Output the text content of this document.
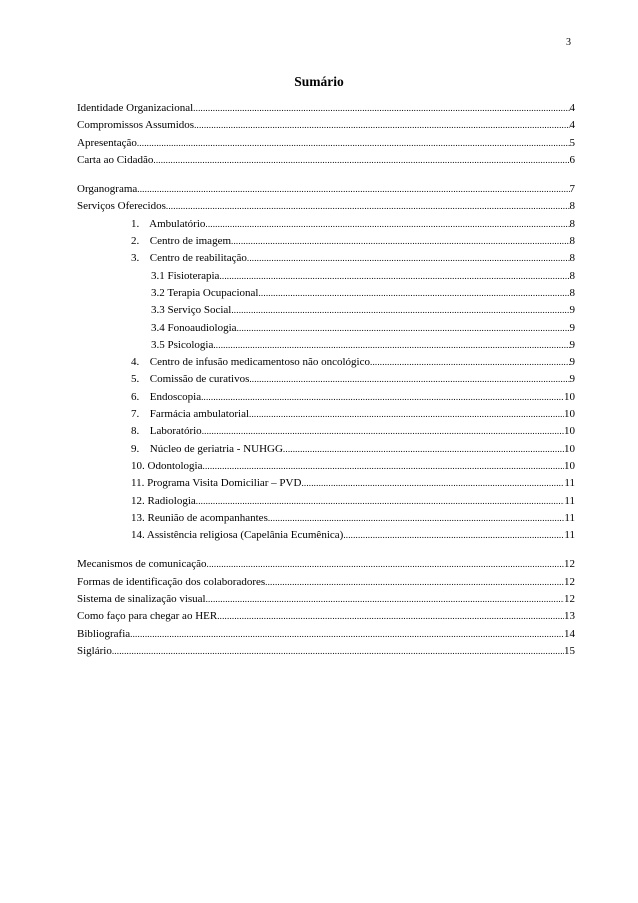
3
Sumário
Identidade Organizacional .....	4
Compromissos Assumidos .....	4
Apresentação .....	5
Carta ao Cidadão .....	6
Organograma .....	7
Serviços Oferecidos .....	8
1. Ambulatório .....	8
2. Centro de imagem .....	8
3. Centro de reabilitação .....	8
3.1 Fisioterapia .....	8
3.2 Terapia Ocupacional .....	8
3.3 Serviço Social .....	9
3.4 Fonoaudiologia .....	9
3.5 Psicologia .....	9
4. Centro de infusão medicamentoso não oncológico .....	9
5. Comissão de curativos .....	9
6. Endoscopia .....	10
7. Farmácia ambulatorial .....	10
8. Laboratório .....	10
9. Núcleo de geriatria - NUHGG .....	10
10. Odontologia .....	10
11. Programa Visita Domiciliar – PVD .....	11
12. Radiologia .....	11
13. Reunião de acompanhantes .....	11
14. Assistência religiosa (Capelânia Ecumênica) .....	11
Mecanismos de comunicação .....	12
Formas de identificação dos colaboradores .....	12
Sistema de sinalização visual .....	12
Como faço para chegar ao HER .....	13
Bibliografia .....	14
Siglário .....	15
